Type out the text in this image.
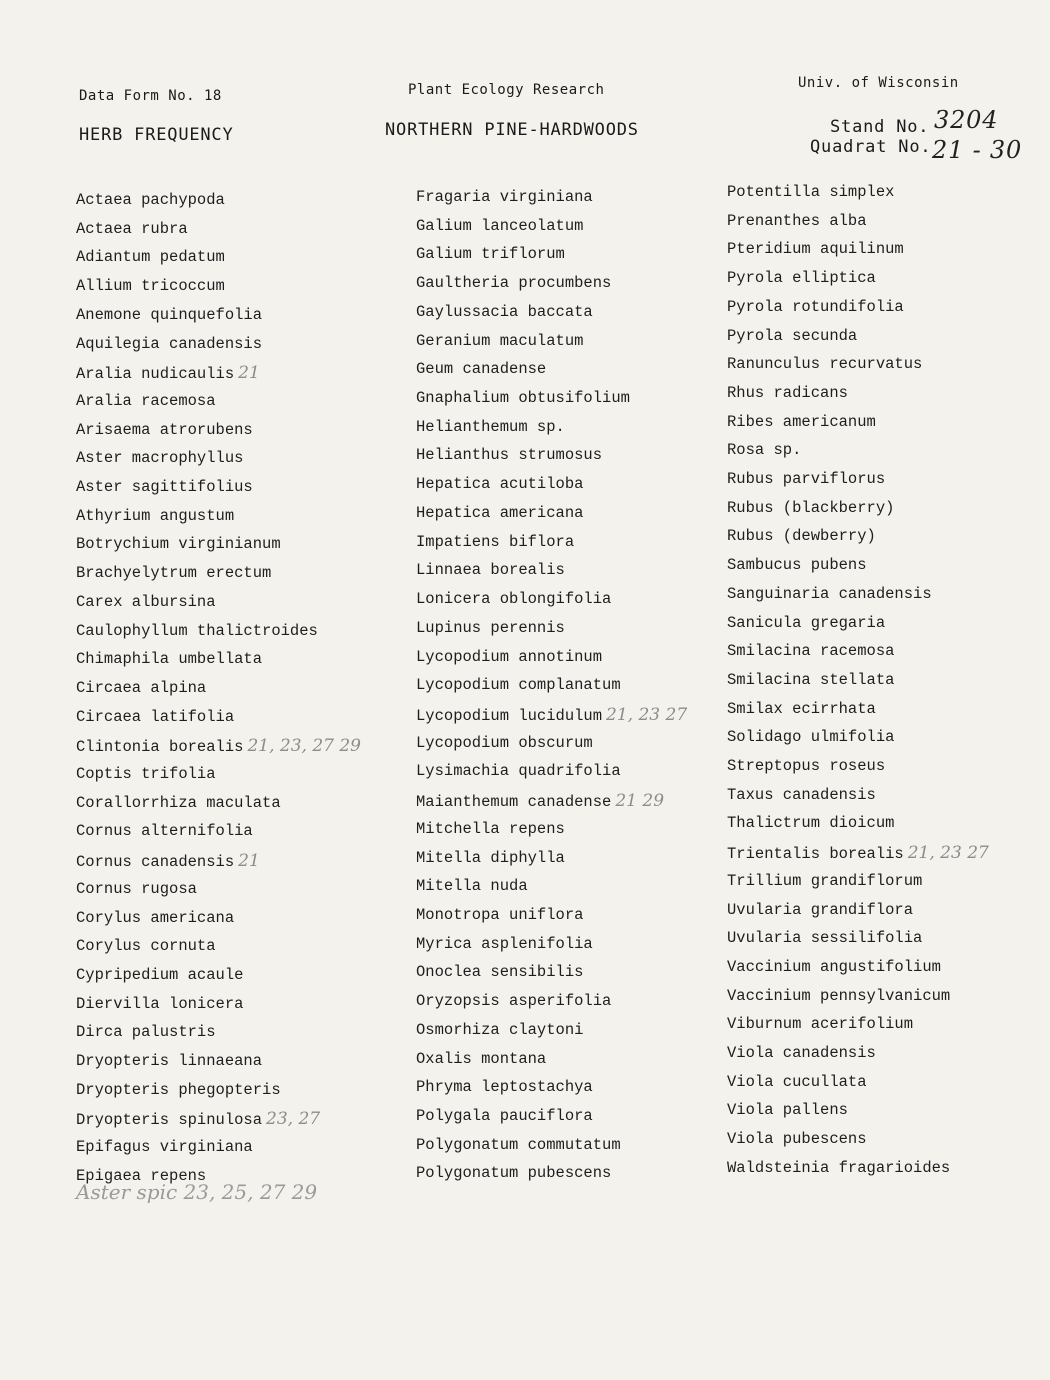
Data Form No. 18	Plant Ecology Research	Univ. of Wisconsin
HERB FREQUENCY	NORTHERN PINE-HARDWOODS	Stand No. 3204
Quadrat No. 21 - 30
Actaea pachypoda
Actaea rubra
Adiantum pedatum
Allium tricoccum
Anemone quinquefolia
Aquilegia canadensis
Aralia nudicaulis 21
Aralia racemosa
Arisaema atrorubens
Aster macrophyllus
Aster sagittifolius
Athyrium angustum
Botrychium virginianum
Brachyelytrum erectum
Carex albursina
Caulophyllum thalictroides
Chimaphila umbellata
Circaea alpina
Circaea latifolia
Clintonia borealis 21, 23, 27 29
Coptis trifolia
Corallorrhiza maculata
Cornus alternifolia
Cornus canadensis 21
Cornus rugosa
Corylus americana
Corylus cornuta
Cypripedium acaule
Diervilla lonicera
Dirca palustris
Dryopteris linnaeana
Dryopteris phegopteris
Dryopteris spinulosa 23, 27
Epifagus virginiana
Epigaea repens
Fragaria virginiana
Galium lanceolatum
Galium triflorum
Gaultheria procumbens
Gaylussacia baccata
Geranium maculatum
Geum canadense
Gnaphalium obtusifolium
Helianthemum sp.
Helianthus strumosus
Hepatica acutiloba
Hepatica americana
Impatiens biflora
Linnaea borealis
Lonicera oblongifolia
Lupinus perennis
Lycopodium annotinum
Lycopodium complanatum
Lycopodium lucidulum 21, 23 27
Lycopodium obscurum
Lysimachia quadrifolia
Maianthemum canadense 21 29
Mitchella repens
Mitella diphylla
Mitella nuda
Monotropa uniflora
Myrica asplenifolia
Onoclea sensibilis
Oryzopsis asperifolia
Osmorhiza claytoni
Oxalis montana
Phryma leptostachya
Polygala pauciflora
Polygonatum commutatum
Polygonatum pubescens
Potentilla simplex
Prenanthes alba
Pteridium aquilinum
Pyrola elliptica
Pyrola rotundifolia
Pyrola secunda
Ranunculus recurvatus
Rhus radicans
Ribes americanum
Rosa sp.
Rubus parviflorus
Rubus (blackberry)
Rubus (dewberry)
Sambucus pubens
Sanguinaria canadensis
Sanicula gregaria
Smilacina racemosa
Smilacina stellata
Smilax ecirrhata
Solidago ulmifolia
Streptopus roseus
Taxus canadensis
Thalictrum dioicum
Trientalis borealis 21, 23 27
Trillium grandiflorum
Uvularia grandiflora
Uvularia sessilifolia
Vaccinium angustifolium
Vaccinium pennsylvanicum
Viburnum acerifolium
Viola canadensis
Viola cucullata
Viola pallens
Viola pubescens
Waldsteinia fragarioides
Aster spic 23, 25, 27 29
